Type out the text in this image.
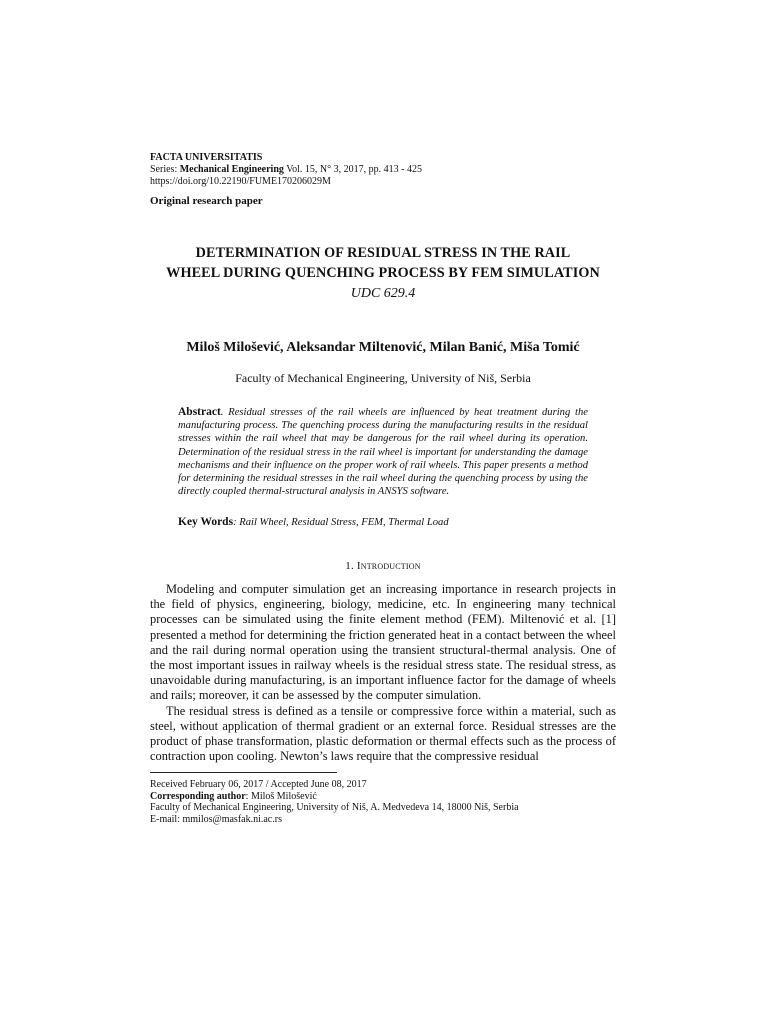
FACTA UNIVERSITATIS
Series: Mechanical Engineering Vol. 15, N° 3, 2017, pp. 413 - 425
https://doi.org/10.22190/FUME170206029M
Original research paper
DETERMINATION OF RESIDUAL STRESS IN THE RAIL
WHEEL DURING QUENCHING PROCESS BY FEM SIMULATION
UDC 629.4
Miloš Milošević, Aleksandar Miltenović, Milan Banić, Miša Tomić
Faculty of Mechanical Engineering, University of Niš, Serbia
Abstract. Residual stresses of the rail wheels are influenced by heat treatment during the manufacturing process. The quenching process during the manufacturing results in the residual stresses within the rail wheel that may be dangerous for the rail wheel during its operation. Determination of the residual stress in the rail wheel is important for understanding the damage mechanisms and their influence on the proper work of rail wheels. This paper presents a method for determining the residual stresses in the rail wheel during the quenching process by using the directly coupled thermal-structural analysis in ANSYS software.
Key Words: Rail Wheel, Residual Stress, FEM, Thermal Load
1. Introduction

Modeling and computer simulation get an increasing importance in research projects in the field of physics, engineering, biology, medicine, etc. In engineering many technical processes can be simulated using the finite element method (FEM). Miltenović et al. [1] presented a method for determining the friction generated heat in a contact between the wheel and the rail during normal operation using the transient structural-thermal analysis. One of the most important issues in railway wheels is the residual stress state. The residual stress, as unavoidable during manufacturing, is an important influence factor for the damage of wheels and rails; moreover, it can be assessed by the computer simulation.

The residual stress is defined as a tensile or compressive force within a material, such as steel, without application of thermal gradient or an external force. Residual stresses are the product of phase transformation, plastic deformation or thermal effects such as the process of contraction upon cooling. Newton’s laws require that the compressive residual

Received February 06, 2017 / Accepted June 08, 2017
Corresponding author: Miloš Milošević
Faculty of Mechanical Engineering, University of Niš, A. Medvedeva 14, 18000 Niš, Serbia
E-mail: mmilos@masfak.ni.ac.rs
